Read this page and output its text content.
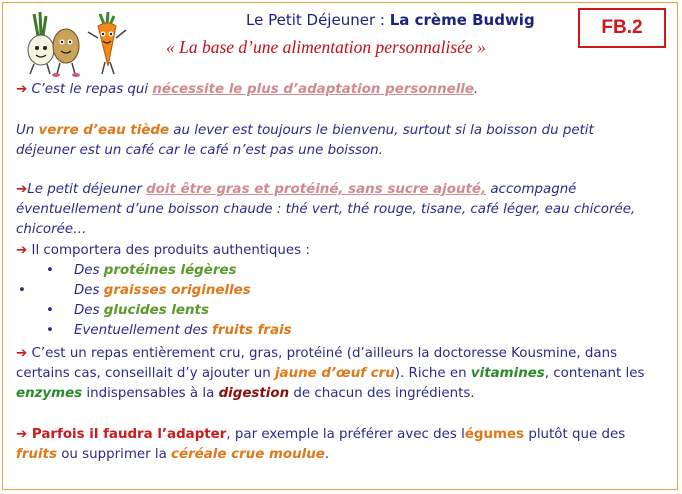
Le Petit Déjeuner : La crème Budwig
« La base d’une alimentation personnalisée »
FB.2
➔ C’est le repas qui nécessite le plus d’adaptation personnelle.
Un verre d’eau tiède au lever est toujours le bienvenu, surtout si la boisson du petit déjeuner est un café car le café n’est pas une boisson.
➔Le petit déjeuner doit être gras et protéiné, sans sucre ajouté, accompagné éventuellement d’une boisson chaude : thé vert, thé rouge, tisane, café léger, eau chicorée, chicorée…
➔ Il comportera des produits authentiques :
• Des protéines légères
•	Des graisses originelles
• Des glucides lents
• Eventuellement des fruits frais
➔ C’est un repas entièrement cru, gras, protéiné (d’ailleurs la doctoresse Kousmine, dans certains cas, conseillait d’y ajouter un jaune d’œuf cru). Riche en vitamines, contenant les enzymes indispensables à la digestion de chacun des ingrédients.
➔ Parfois il faudra l’adapter, par exemple la préférer avec des légumes plutôt que des fruits ou supprimer la céréale crue moulue.
